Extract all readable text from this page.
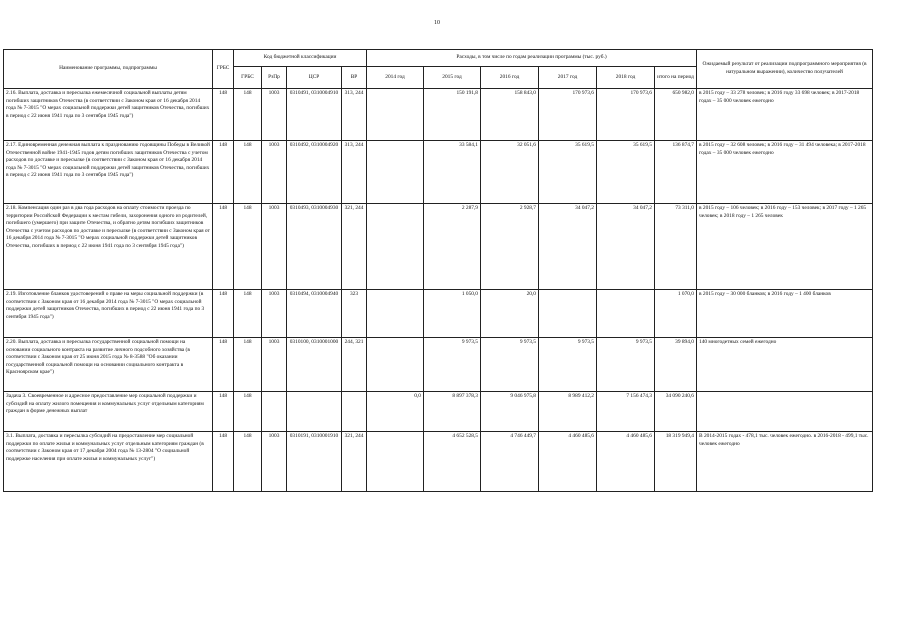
10
Наименование программы, подпрограммы	ГРБС	Код бюджетной классификации				Расходы, в том числе по годам реализации программы (тыс. руб.)						Ожидаемый результат от реализации подпрограммного мероприятия (в натуральном выражении), количество получателей
		ГРБС	РзПр	ЦСР	ВР	2014 год	2015 год	2016 год	2017 год	2018 год	итого на период	
2.16. Выплата, доставка и пересылка ежемесячной социальной выплаты детям погибших защитников Отечества (в соответствии с Законом края от 16 декабря 2014 года № 7-3015 "О мерах социальной поддержки детей защитников Отечества, погибших в период с 22 июня 1941 года по 3 сентября 1945 года")	148	148	1003	0310491, 0310004910	313, 244		150 191,8	158 843,0	170 973,6	170 973,6	650 982,0	в 2015 году – 33 278 человек; в 2016 году 33 698 человек; в 2017-2018 годах – 35 000 человек ежегодно
2.17. Единовременная денежная выплата к празднованию годовщины Победы в Великой Отечественной войне 1941-1945 годов детям погибших защитников Отечества с учетом расходов по доставке и пересылке (в соответствии с Законом края от 16 декабря 2014 года № 7-3015 "О мерах социальной поддержки детей защитников Отечества, погибших в период с 22 июня 1941 года по 3 сентября 1945 года")	148	148	1003	0310492, 0310004920	313, 244		33 584,1	32 051,6	35 619,5	35 619,5	136 874,7	в 2015 году – 32 608 человек; в 2016 году – 31 494 человека; в 2017-2018 годах – 35 000 человек ежегодно
2.18. Компенсация один раз в два года расходов на оплату стоимости проезда по территории Российской Федерации к местам гибели, захоронения одного из родителей, погибшего (умершего) при защите Отечества, и обратно детям погибших защитников Отечества с учетом расходов по доставке и пересылке (в соответствии с Законом края от 16 декабря 2014 года № 7-3015 "О мерах социальной поддержки детей защитников Отечества, погибших в период с 22 июня 1941 года по 3 сентября 1945 года")	148	148	1003	0310493, 0310004930	321, 244		2 287,9	2 928,7	34 047,2	34 047,2	73 311,0	в 2015 году – 106 человек; в 2016 году – 153 человек; в 2017 году – 1 265 человек; в 2018 году – 1 265 человек
2.19. Изготовление бланков удостоверений о праве на меры социальной поддержки (в соответствии с Законом края от 16 декабря 2014 года № 7-3015 "О мерах социальной поддержки детей защитников Отечества, погибших в период с 22 июня 1941 года по 3 сентября 1945 года")	148	148	1003	0310494, 0310004940	323		1 050,0	20,0			1 070,0	в 2015 году – 30 000 бланков; в 2016 году – 1 400 бланков
2.20. Выплата, доставка и пересылка государственной социальной помощи на основании социального контракта на развитие личного подсобного хозяйства (в соответствии с Законом края от 25 июня 2015 года № 8-3588 "Об оказании государственной социальной помощи на основании социального контракта в Красноярском крае")	148	148	1003	0310100, 0310001000	244, 321		9 973,5	9 973,5	9 973,5	9 973,5	39 894,0	140 многодетных семей ежегодно
Задача 3. Своевременное и адресное предоставление мер социальной поддержки и субсидий на оплату жилого помещения и коммунальных услуг отдельным категориям граждан в форме денежных выплат	148	148				0,0	8 897 378,3	9 046 975,8	8 989 412,2	7 156 474,3	34 090 240,6	
3.1. Выплата, доставка и пересылка субсидий на предоставление мер социальной поддержки по оплате жилья и коммунальных услуг отдельным категориям граждан (в соответствии с Законом края от 17 декабря 2004 года № 13-2804 "О социальной поддержке населения при оплате жилья и коммунальных услуг")	148	148	1003	0310191, 0310001910	321, 244		4 652 528,5	4 746 449,7	4 460 485,6	4 460 485,6	18 319 949,4	В 2014-2015 годах - 478,1 тыс. человек ежегодно. в 2016-2018 - 499,1 тыс. человек ежегодно
